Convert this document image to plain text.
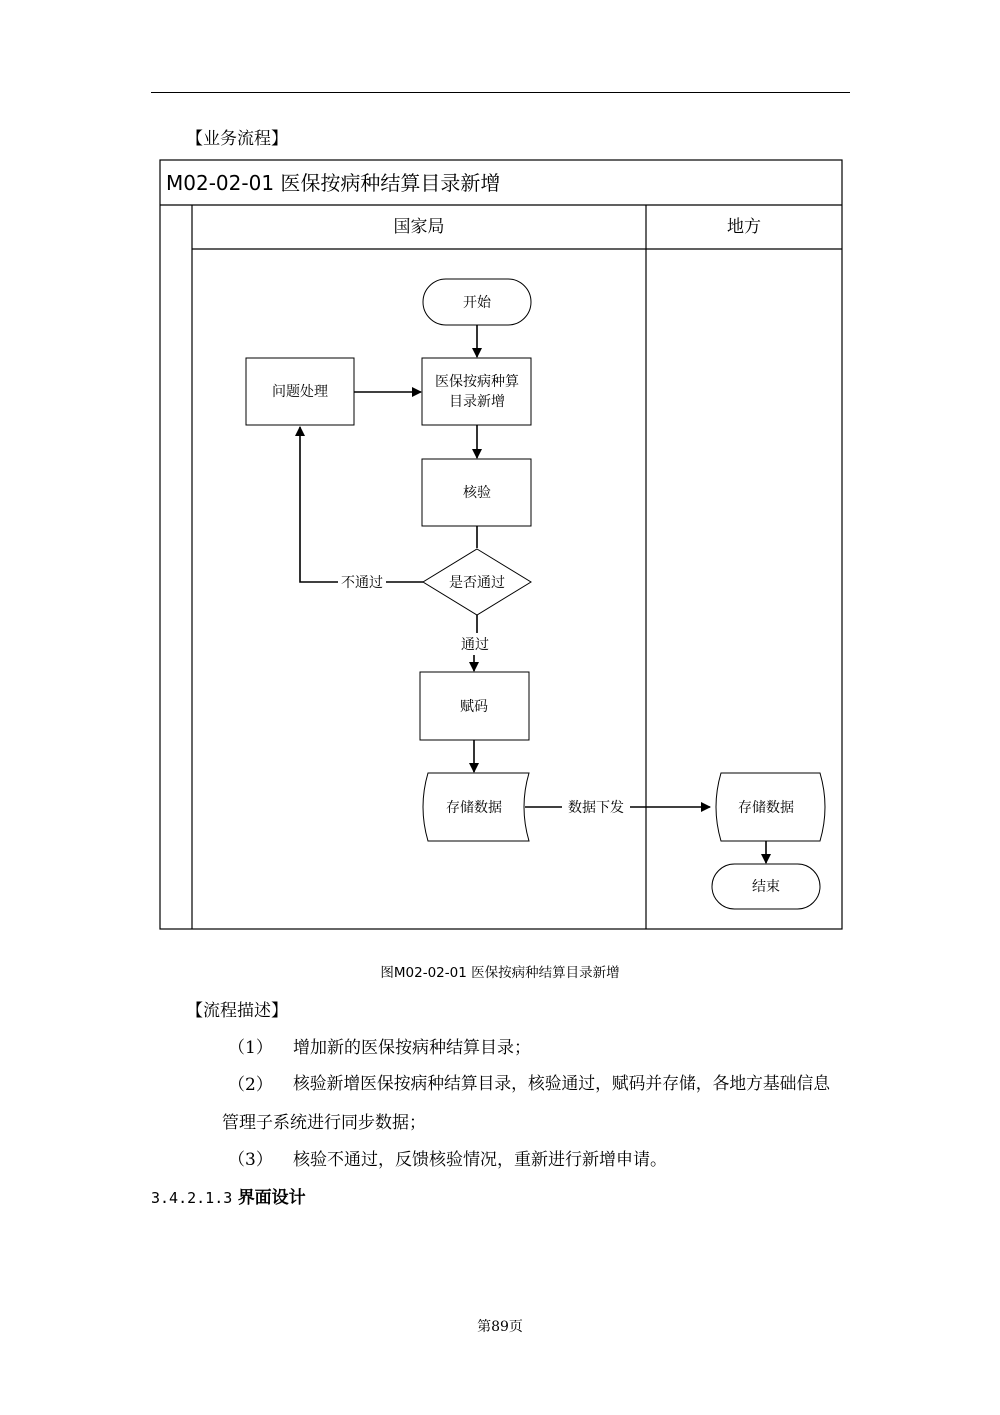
【业务流程】
M02-02-01 医保按病种结算目录新增
国家局	地方
开始
医保按病种算
目录新增
问题处理
核验
是否通过
赋码
存储数据	存储数据
结束
不通过
通过
数据下发
图M02-02-01 医保按病种结算目录新增
【流程描述】
（1） 增加新的医保按病种结算目录；
（2） 核验新增医保按病种结算目录，核验通过，赋码并存储，各地方基础信息
管理子系统进行同步数据；
（3） 核验不通过，反馈核验情况，重新进行新增申请。
3.4.2.1.3 界面设计
第89页
